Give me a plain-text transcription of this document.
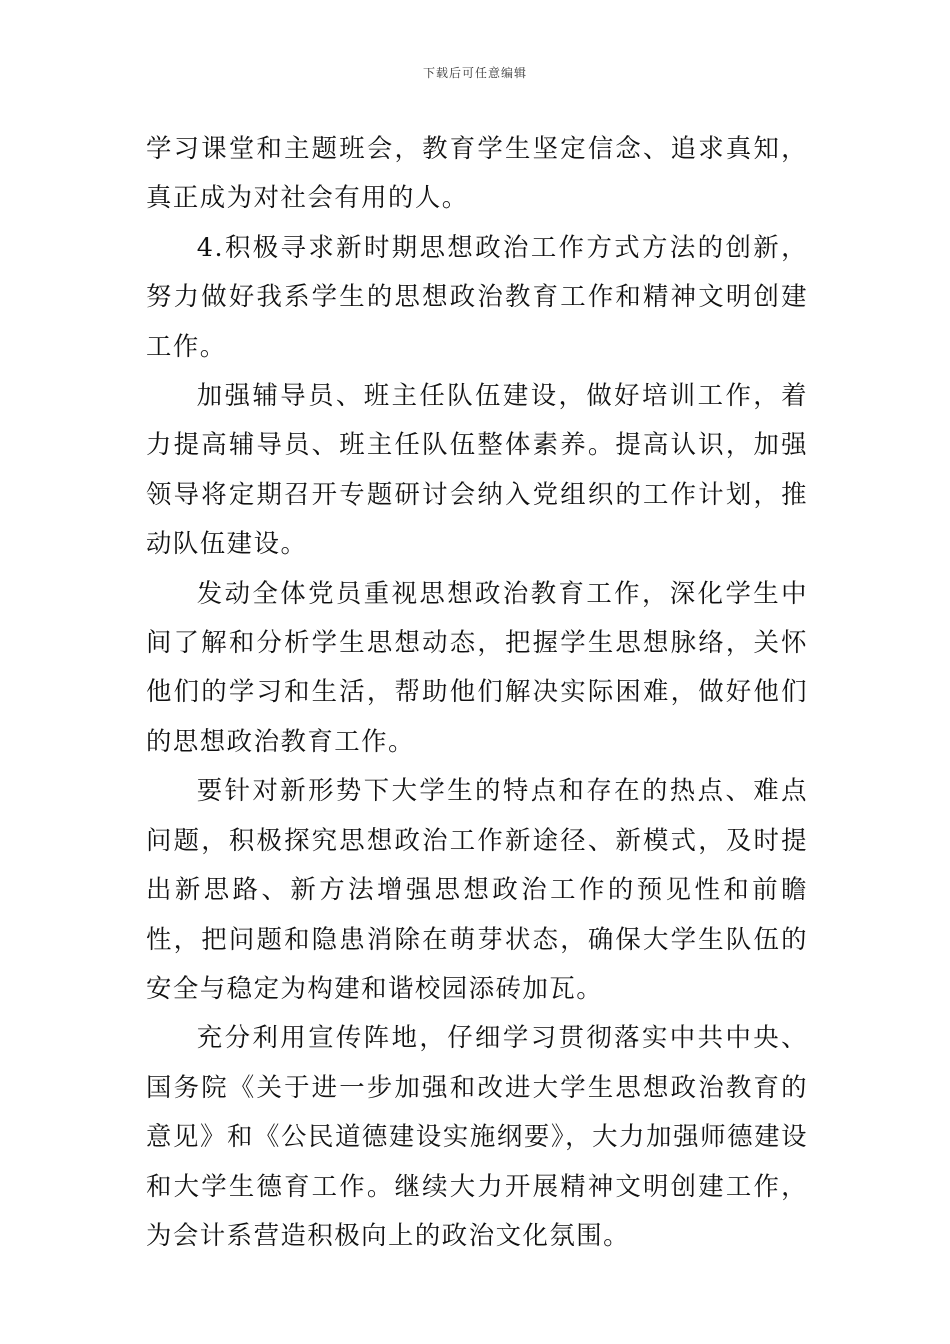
下载后可任意编辑

学习课堂和主题班会，教育学生坚定信念、追求真知，真正成为对社会有用的人。

4.积极寻求新时期思想政治工作方式方法的创新，努力做好我系学生的思想政治教育工作和精神文明创建工作。

加强辅导员、班主任队伍建设，做好培训工作，着力提高辅导员、班主任队伍整体素养。提高认识，加强领导将定期召开专题研讨会纳入党组织的工作计划，推动队伍建设。

发动全体党员重视思想政治教育工作，深化学生中间了解和分析学生思想动态，把握学生思想脉络，关怀他们的学习和生活，帮助他们解决实际困难，做好他们的思想政治教育工作。

要针对新形势下大学生的特点和存在的热点、难点问题，积极探究思想政治工作新途径、新模式，及时提出新思路、新方法增强思想政治工作的预见性和前瞻性，把问题和隐患消除在萌芽状态，确保大学生队伍的安全与稳定为构建和谐校园添砖加瓦。

充分利用宣传阵地，仔细学习贯彻落实中共中央、国务院《关于进一步加强和改进大学生思想政治教育的意见》和《公民道德建设实施纲要》，大力加强师德建设和大学生德育工作。继续大力开展精神文明创建工作，为会计系营造积极向上的政治文化氛围。
